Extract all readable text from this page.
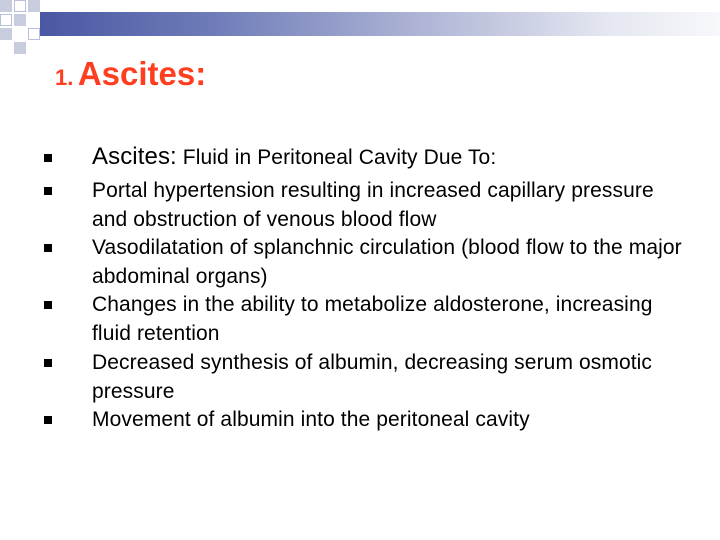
1. Ascites:
Ascites: Fluid in Peritoneal Cavity Due To:
Portal hypertension resulting in increased capillary pressure and obstruction of venous blood flow
Vasodilatation of splanchnic circulation (blood flow to the major abdominal organs)
Changes in the ability to metabolize aldosterone, increasing fluid retention
Decreased synthesis of albumin, decreasing serum osmotic pressure
Movement of albumin into the peritoneal cavity
